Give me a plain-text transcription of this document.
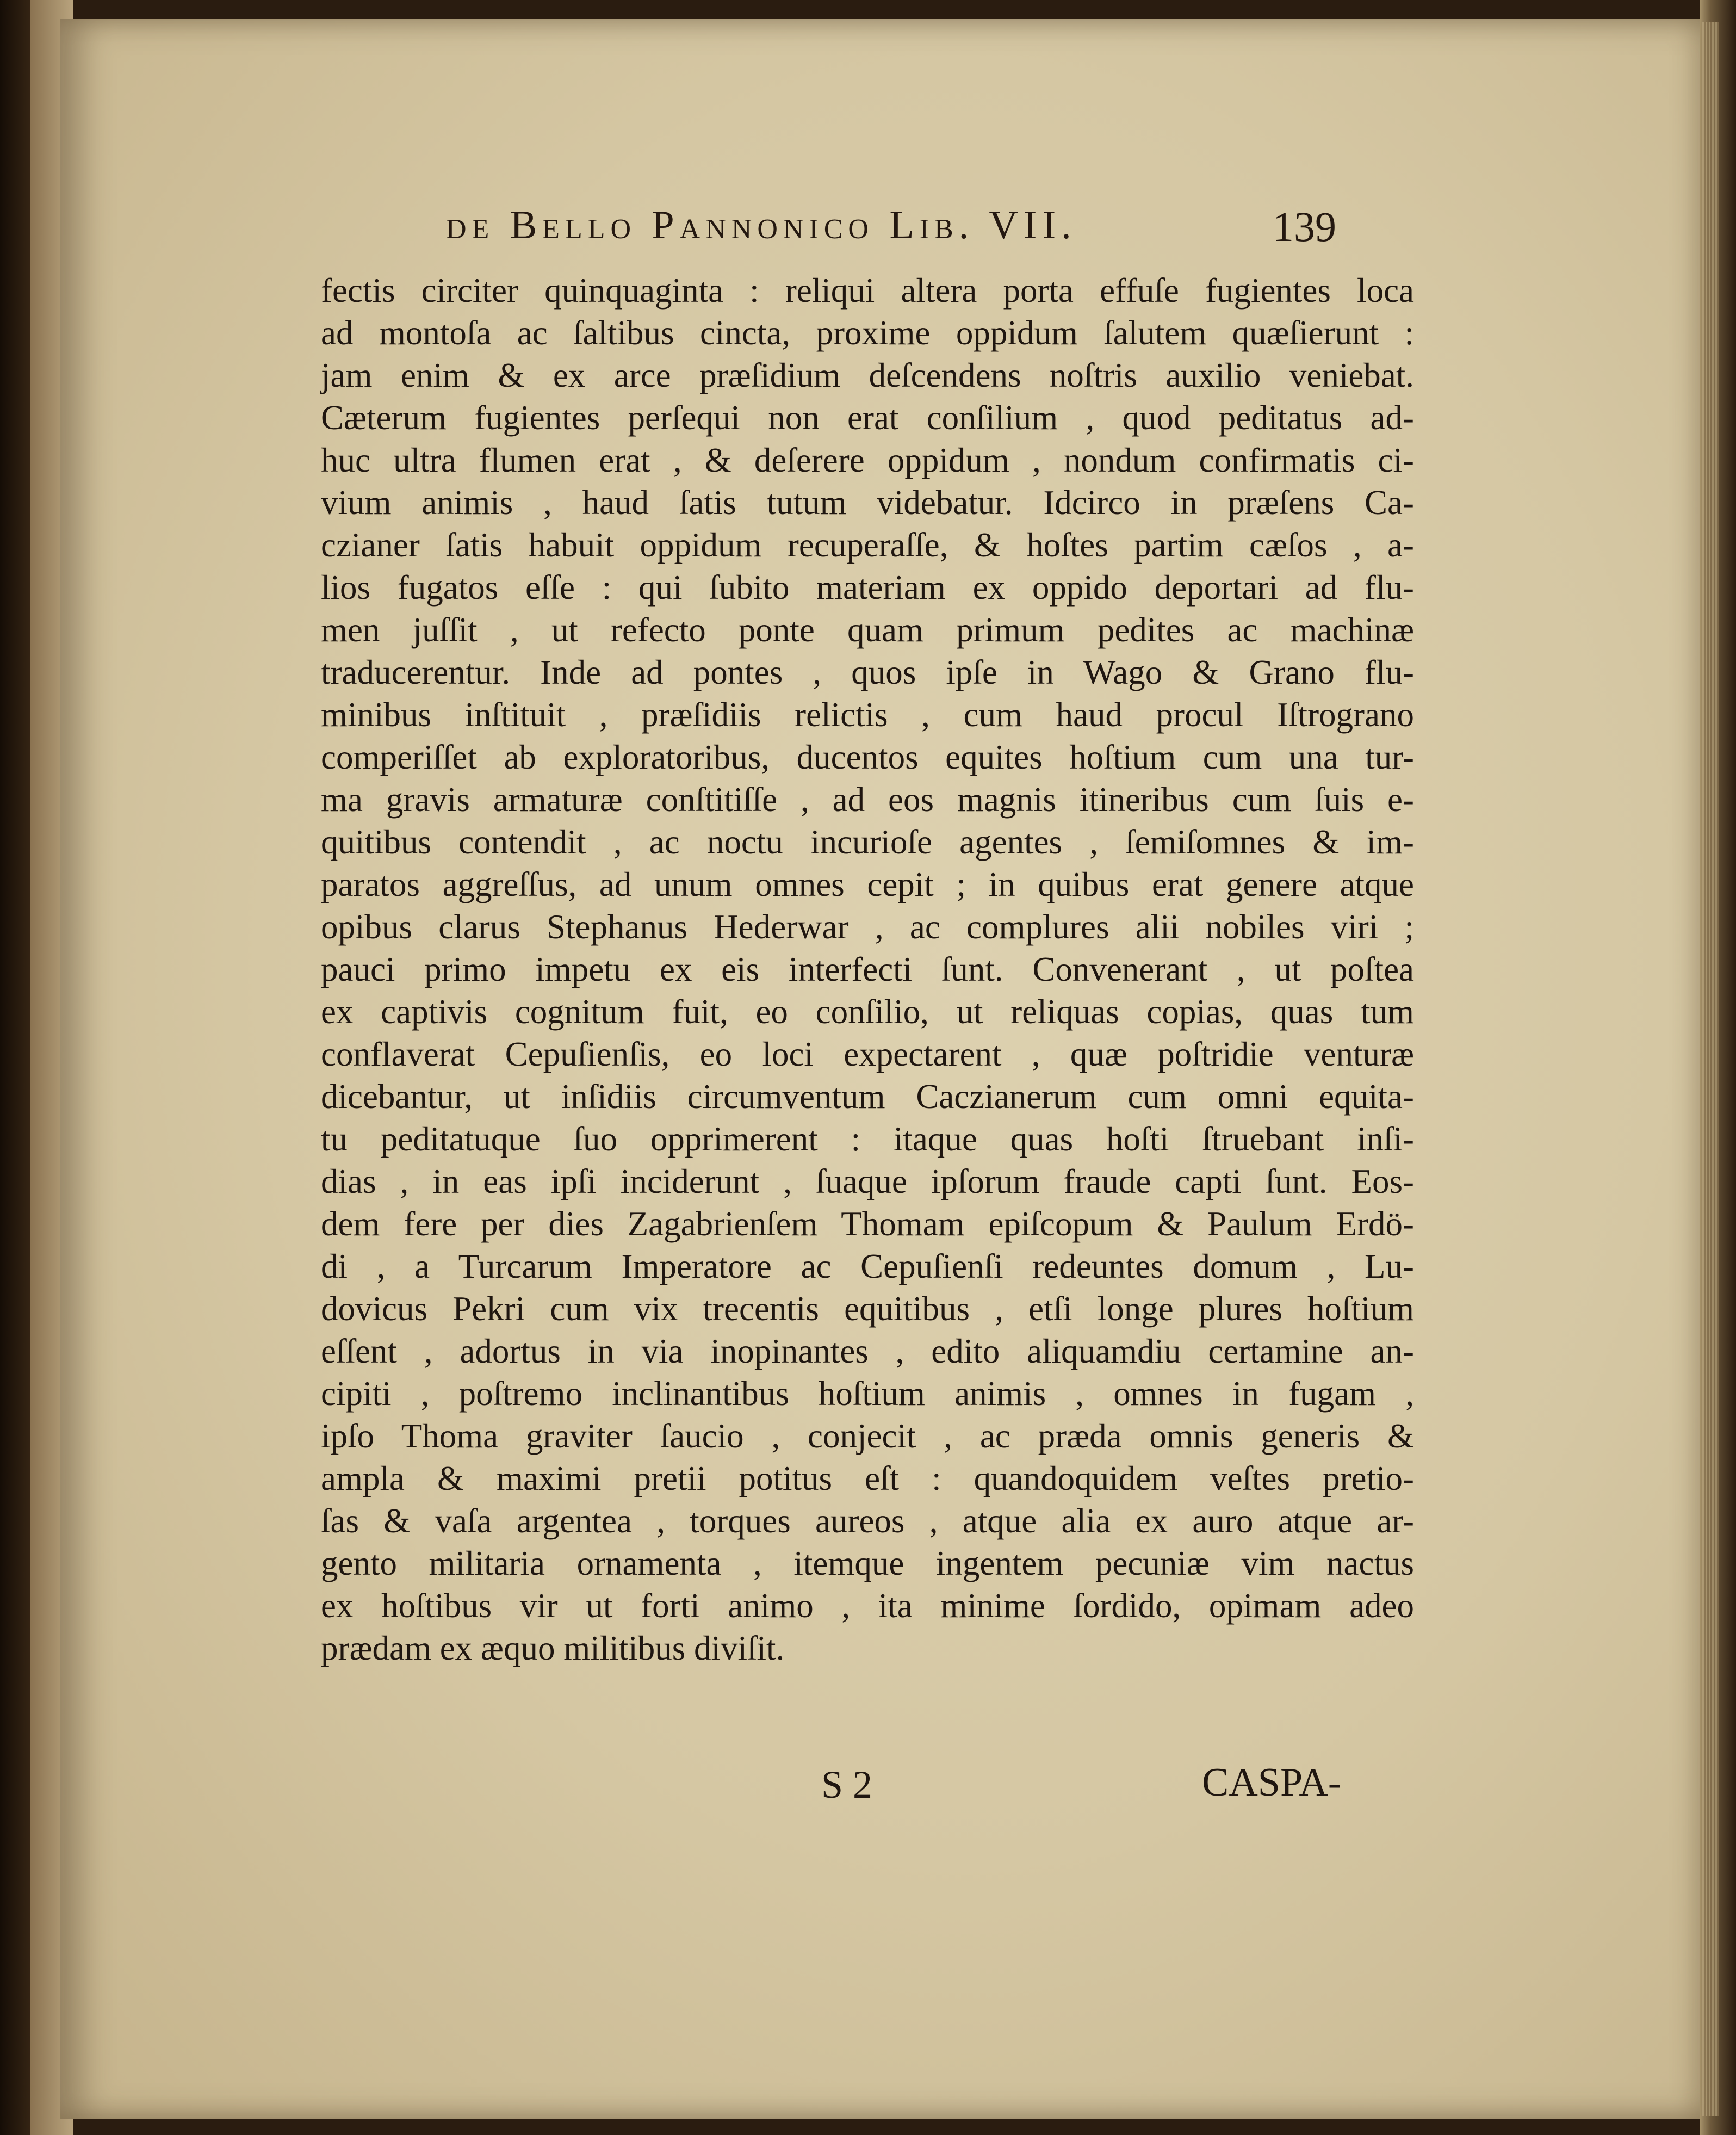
de Bello Pannonico Lib. VII.	139
fectis circiter quinquaginta : reliqui altera porta effuſe fugientes loca
ad montoſa ac ſaltibus cincta, proxime oppidum ſalutem quæſierunt :
jam enim & ex arce præſidium deſcendens noſtris auxilio veniebat.
Cæterum fugientes perſequi non erat conſilium , quod peditatus ad-
huc ultra flumen erat , & deſerere oppidum , nondum confirmatis ci-
vium animis , haud ſatis tutum videbatur. Idcirco in præſens Ca-
czianer ſatis habuit oppidum recuperaſſe, & hoſtes partim cæſos , a-
lios fugatos eſſe : qui ſubito materiam ex oppido deportari ad flu-
men juſſit , ut refecto ponte quam primum pedites ac machinæ
traducerentur. Inde ad pontes , quos ipſe in Wago & Grano flu-
minibus inſtituit , præſidiis relictis , cum haud procul Iſtrograno
comperiſſet ab exploratoribus, ducentos equites hoſtium cum una tur-
ma gravis armaturæ conſtitiſſe , ad eos magnis itineribus cum ſuis e-
quitibus contendit , ac noctu incurioſe agentes , ſemiſomnes & im-
paratos aggreſſus, ad unum omnes cepit ; in quibus erat genere atque
opibus clarus Stephanus Hederwar , ac complures alii nobiles viri ;
pauci primo impetu ex eis interfecti ſunt. Convenerant , ut poſtea
ex captivis cognitum fuit, eo conſilio, ut reliquas copias, quas tum
conflaverat Cepuſienſis, eo loci expectarent , quæ poſtridie venturæ
dicebantur, ut inſidiis circumventum Caczianerum cum omni equita-
tu peditatuque ſuo opprimerent : itaque quas hoſti ſtruebant inſi-
dias , in eas ipſi inciderunt , ſuaque ipſorum fraude capti ſunt. Eos-
dem fere per dies Zagabrienſem Thomam epiſcopum & Paulum Erdö-
di , a Turcarum Imperatore ac Cepuſienſi redeuntes domum , Lu-
dovicus Pekri cum vix trecentis equitibus , etſi longe plures hoſtium
eſſent , adortus in via inopinantes , edito aliquamdiu certamine an-
cipiti , poſtremo inclinantibus hoſtium animis , omnes in fugam ,
ipſo Thoma graviter ſaucio , conjecit , ac præda omnis generis &
ampla & maximi pretii potitus eſt : quandoquidem veſtes pretio-
ſas & vaſa argentea , torques aureos , atque alia ex auro atque ar-
gento militaria ornamenta , itemque ingentem pecuniæ vim nactus
ex hoſtibus vir ut forti animo , ita minime ſordido, opimam adeo
prædam ex æquo militibus diviſit.
S 2	CASPA-
